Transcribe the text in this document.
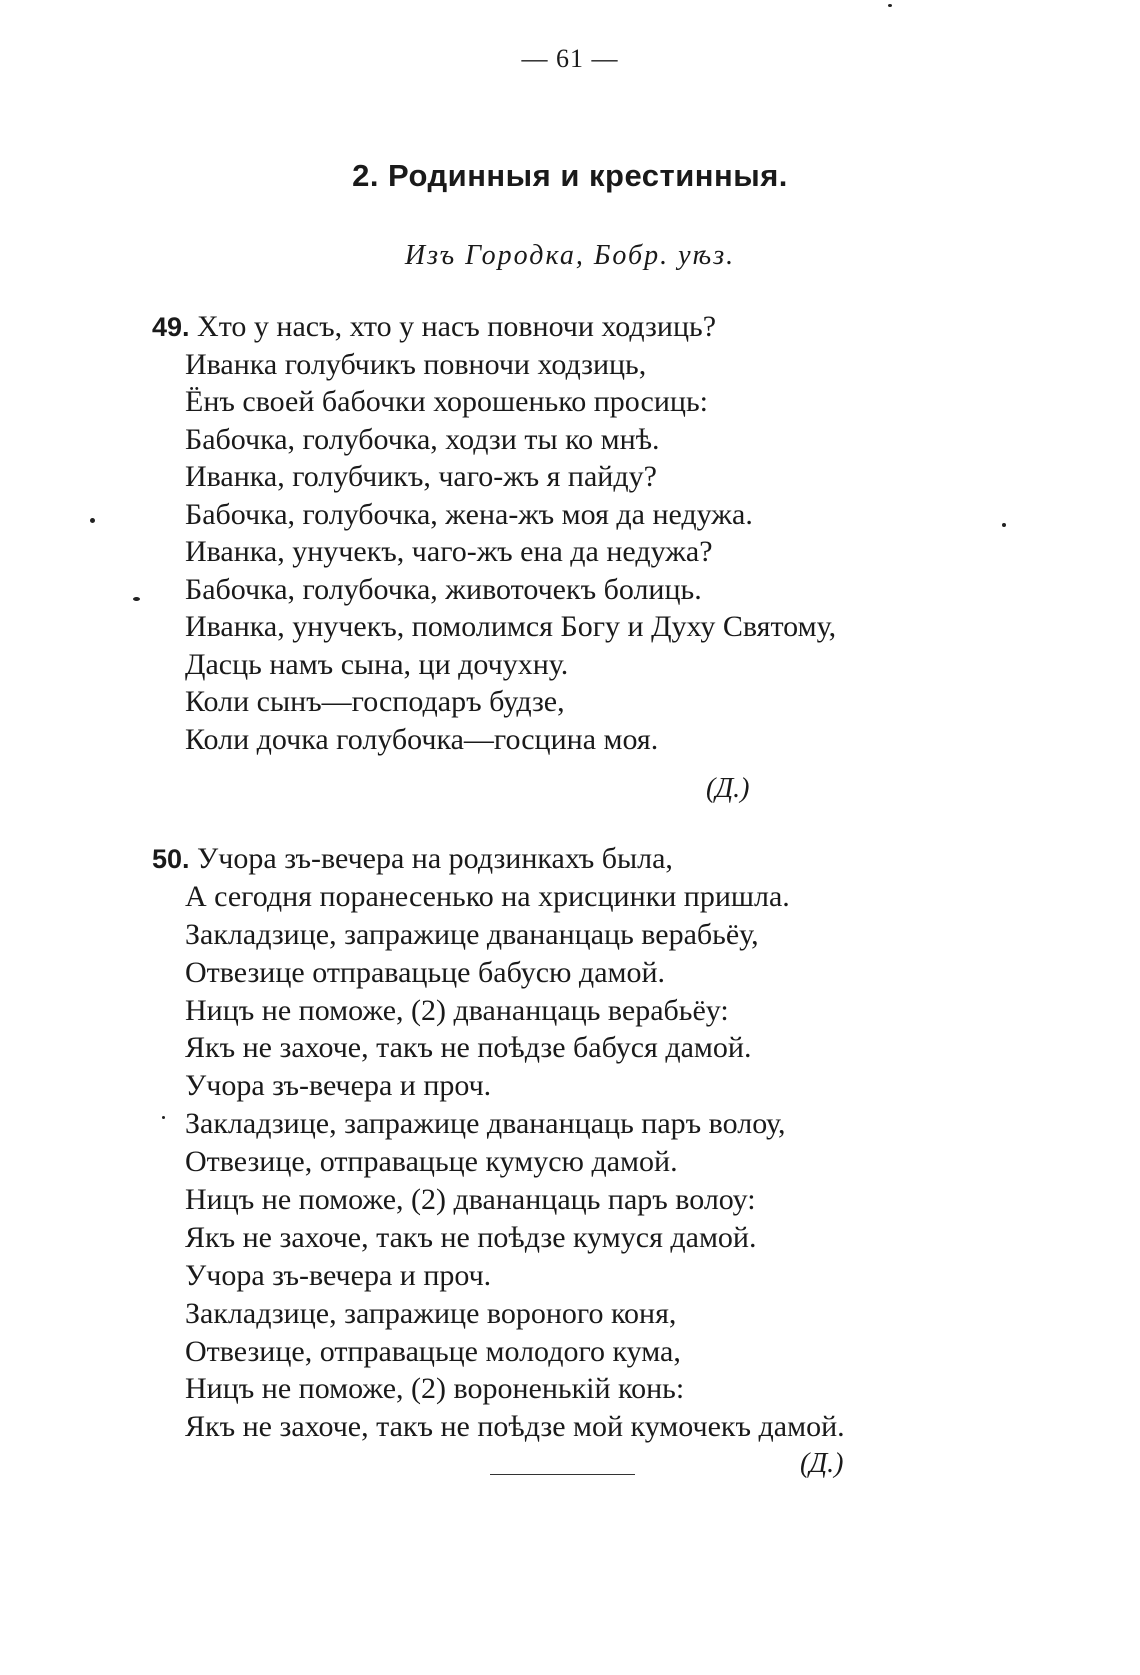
— 61 —
2. Родинныя и крестинныя.
Изъ Городка, Бобр. уѣз.
49. Хто у насъ, хто у насъ повночи ходзиць?
Иванка голубчикъ повночи ходзиць,
Ёнъ своей бабочки хорошенько просиць:
Бабочка, голубочка, ходзи ты ко мнѣ.
Иванка, голубчикъ, чаго-жъ я пайду?
Бабочка, голубочка, жена-жъ моя да недужа.
Иванка, унучекъ, чаго-жъ ена да недужа?
Бабочка, голубочка, животочекъ болиць.
Иванка, унучекъ, помолимся Богу и Духу Святому,
Дасць намъ сына, ци дочухну.
Коли сынъ—господаръ будзе,
Коли дочка голубочка—госцина моя.
(Д.)
50. Учора зъ-вечера на родзинкахъ была,
А сегодня поранесенько на хрисцинки пришла.
Закладзице, запражице двананцаць верабьёу,
Отвезице отправацьце бабусю дамой.
Ницъ не поможе, (2) двананцаць верабьёу:
Якъ не захоче, такъ не поѣдзе бабуся дамой.
Учора зъ-вечера и проч.
Закладзице, запражице двананцаць паръ волоу,
Отвезице, отправацьце кумусю дамой.
Ницъ не поможе, (2) двананцаць паръ волоу:
Якъ не захоче, такъ не поѣдзе кумуся дамой.
Учора зъ-вечера и проч.
Закладзице, запражице вороного коня,
Отвезице, отправацьце молодого кума,
Ницъ не поможе, (2) вороненькій конь:
Якъ не захоче, такъ не поѣдзе мой кумочекъ дамой.
(Д.)
